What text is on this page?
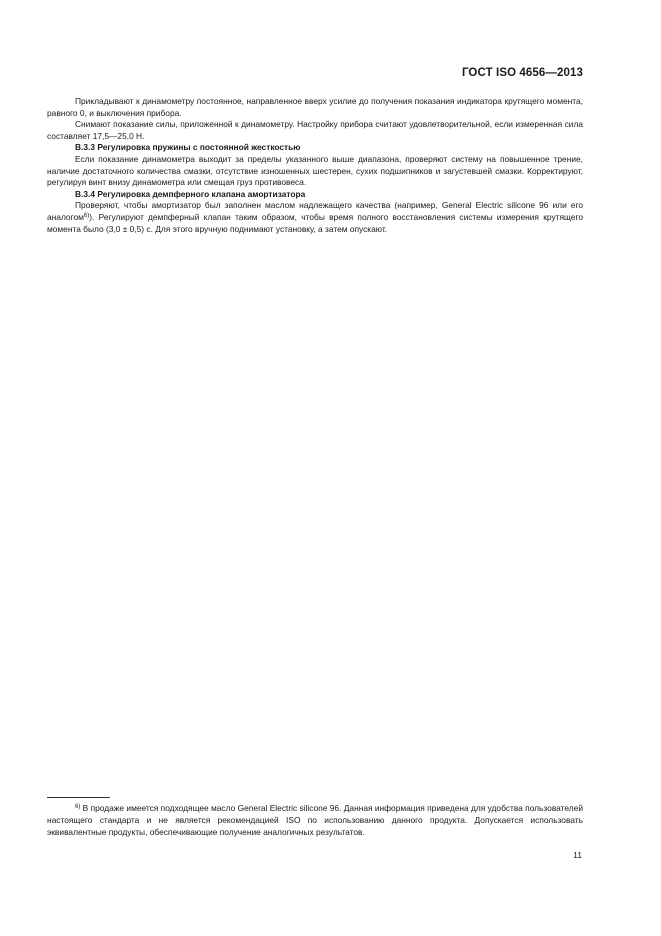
ГОСТ ISO 4656—2013

Прикладывают к динамометру постоянное, направленное вверх усилие до получения показания индикатора крутящего момента, равного 0, и выключения прибора.

Снимают показание силы, приложенной к динамометру. Настройку прибора считают удовлетворительной, если измеренная сила составляет 17,5—25,0 Н.

В.3.3 Регулировка пружины с постоянной жесткостью

Если показание динамометра выходит за пределы указанного выше диапазона, проверяют систему на повышенное трение, наличие достаточного количества смазки, отсутствие изношенных шестерен, сухих подшипников и загустевшей смазки. Корректируют, регулируя винт внизу динамометра или смещая груз противовеса.

В.3.4 Регулировка демпферного клапана амортизатора

Проверяют, чтобы амортизатор был заполнен маслом надлежащего качества (например, General Electric silicone 96 или его аналогом$^{6)}$). Регулируют демпферный клапан таким образом, чтобы время полного восстановления системы измерения крутящего момента было (3,0 ± 0,5) с. Для этого вручную поднимают установку, а затем опускают.

$^{6)}$ В продаже имеется подходящее масло General Electric silicone 96. Данная информация приведена для удобства пользователей настоящего стандарта и не является рекомендацией ISO по использованию данного продукта. Допускается использовать эквивалентные продукты, обеспечивающие получение аналогичных результатов.

11
